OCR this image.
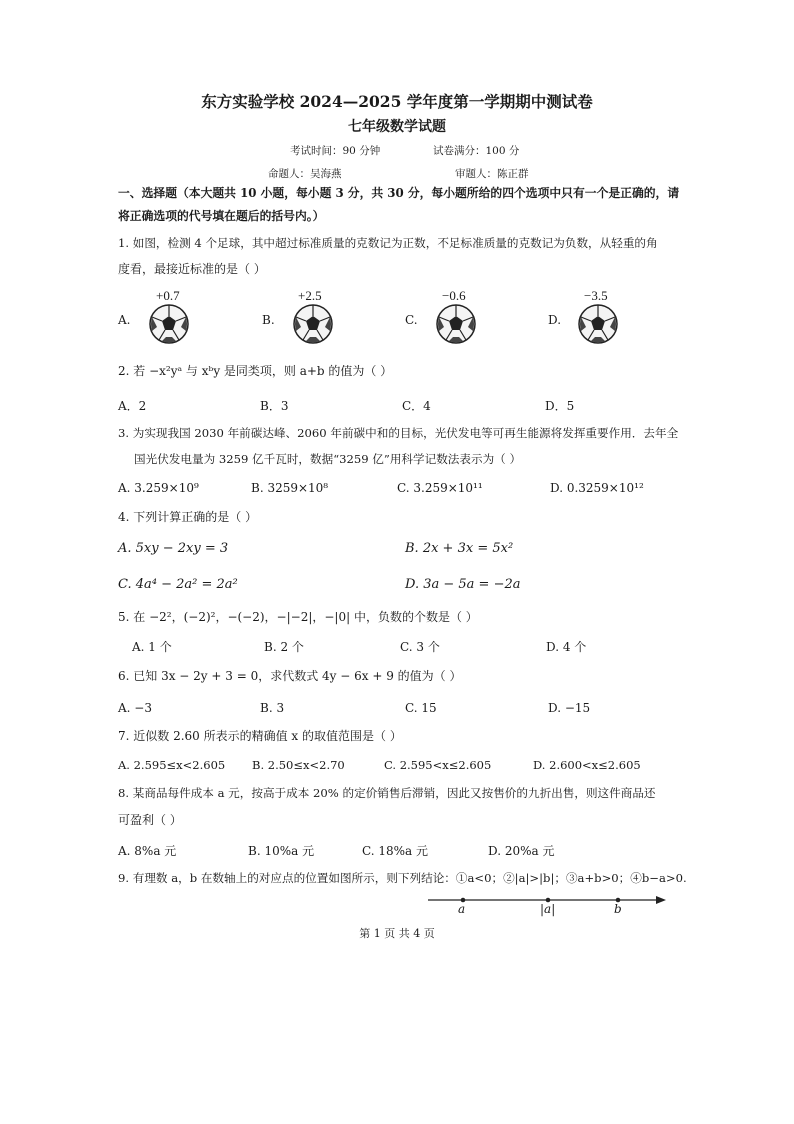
东方实验学校 2024—2025 学年度第一学期期中测试卷
七年级数学试题
考试时间：90 分钟	试卷满分：100 分
命题人：吴海燕	审题人：陈正群
一、选择题（本大题共 10 小题，每小题 3 分，共 30 分，每小题所给的四个选项中只有一个是正确的，请
将正确选项的代号填在题后的括号内。）
1. 如图，检测 4 个足球，其中超过标准质量的克数记为正数，不足标准质量的克数记为负数，从轻重的角
度看，最接近标准的是（ ）
+0.7
A.
+2.5
B.
−0.6
C.
−3.5
D.
2. 若 −x²yᵃ 与 xᵇy 是同类项，则 a+b 的值为（ ）
A．2	B．3	C．4	D．5
3. 为实现我国 2030 年前碳达峰、2060 年前碳中和的目标，光伏发电等可再生能源将发挥重要作用．去年全
国光伏发电量为 3259 亿千瓦时，数据“3259 亿”用科学记数法表示为（ ）
A. 3.259×10⁹	B. 3259×10⁸	C. 3.259×10¹¹	D. 0.3259×10¹²
4. 下列计算正确的是（ ）
A. 5xy − 2xy = 3	B. 2x + 3x = 5x²
C. 4a⁴ − 2a² = 2a²	D. 3a − 5a = −2a
5. 在 −2²，(−2)²，−(−2)，−|−2|，−|0| 中，负数的个数是（ ）
A. 1 个	B. 2 个	C. 3 个	D. 4 个
6. 已知 3x − 2y + 3 = 0，求代数式 4y − 6x + 9 的值为（ ）
A. −3	B. 3	C. 15	D. −15
7. 近似数 2.60 所表示的精确值 x 的取值范围是（ ）
A. 2.595≤x<2.605 B. 2.50≤x<2.70	C. 2.595<x≤2.605	D. 2.600<x≤2.605
8. 某商品每件成本 a 元，按高于成本 20% 的定价销售后滞销，因此又按售价的九折出售，则这件商品还
可盈利（ ）
A. 8%a 元	B. 10%a 元	C. 18%a 元	D. 20%a 元
9. 有理数 a，b 在数轴上的对应点的位置如图所示，则下列结论：①a<0；②|a|>|b|；③a+b>0；④b−a>0.
a	|a|	b
第 1 页 共 4 页
